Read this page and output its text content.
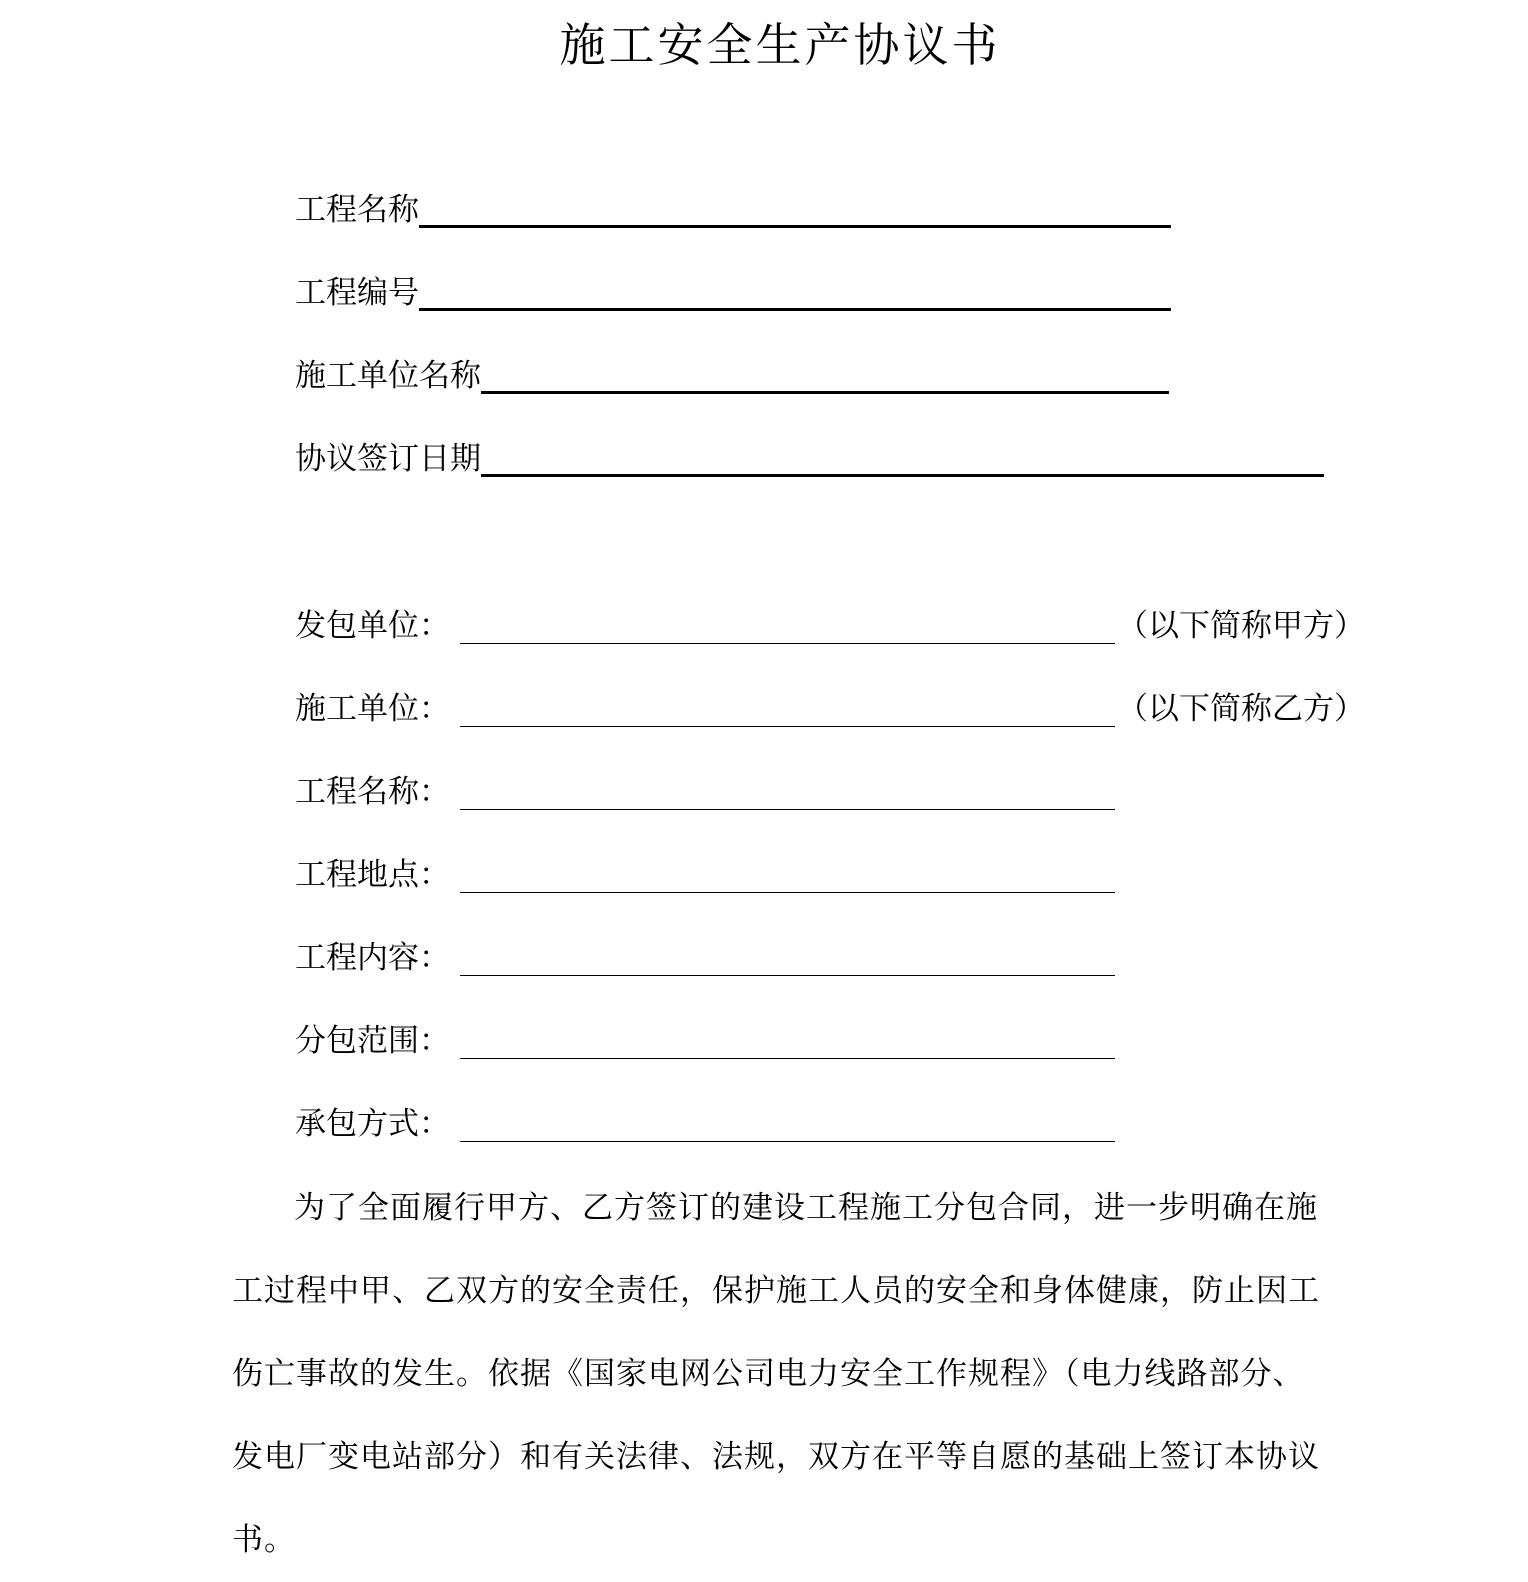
施工安全生产协议书
工程名称
工程编号
施工单位名称
协议签订日期
发包单位：	（以下简称甲方）
施工单位：	（以下简称乙方）
工程名称：
工程地点：
工程内容：
分包范围：
承包方式：
为了全面履行甲方、乙方签订的建设工程施工分包合同，进一步明确在施工过程中甲、乙双方的安全责任，保护施工人员的安全和身体健康，防止因工伤亡事故的发生。依据《国家电网公司电力安全工作规程》（电力线路部分、发电厂变电站部分）和有关法律、法规，双方在平等自愿的基础上签订本协议书。
